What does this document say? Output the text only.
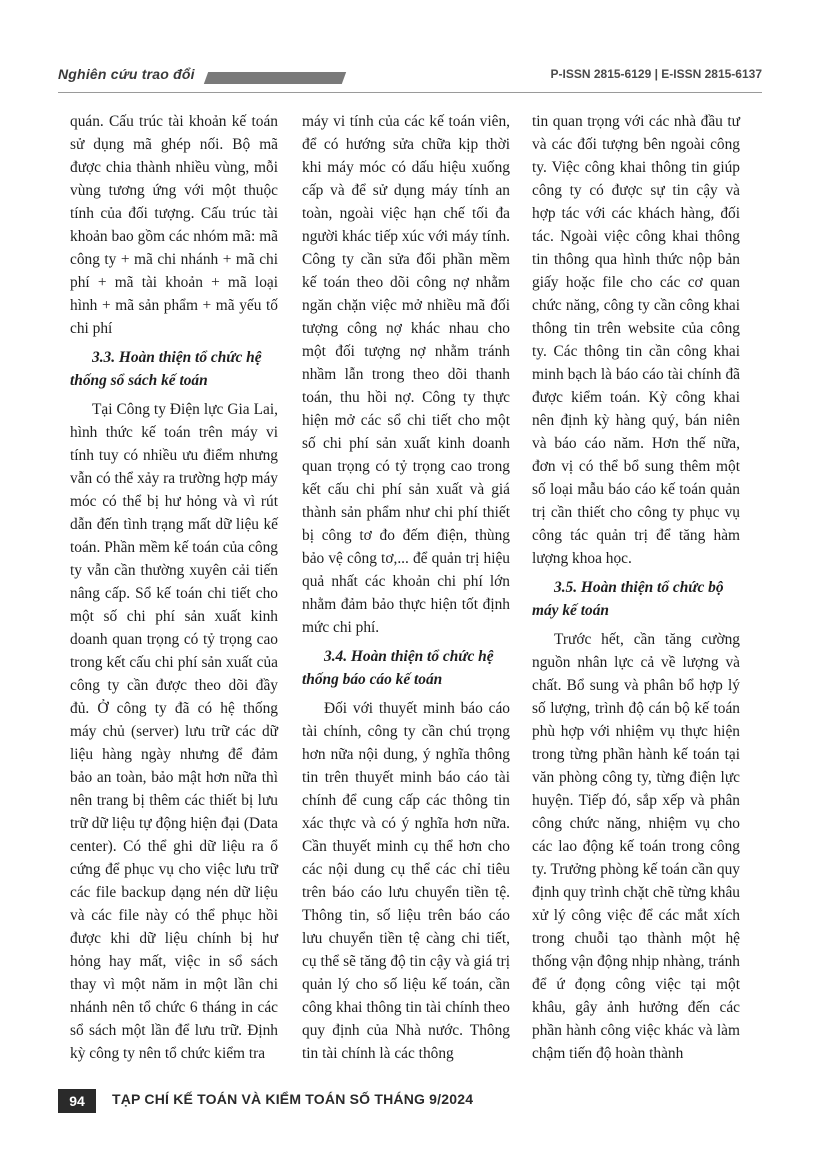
Nghiên cứu trao đổi	P-ISSN 2815-6129 | E-ISSN 2815-6137

quán. Cấu trúc tài khoản kế toán sử dụng mã ghép nối. Bộ mã được chia thành nhiều vùng, mỗi vùng tương ứng với một thuộc tính của đối tượng. Cấu trúc tài khoản bao gồm các nhóm mã: mã công ty + mã chi nhánh + mã chi phí + mã tài khoản + mã loại hình + mã sản phẩm + mã yếu tố chi phí

3.3. Hoàn thiện tổ chức hệ thống sổ sách kế toán

Tại Công ty Điện lực Gia Lai, hình thức kế toán trên máy vi tính tuy có nhiều ưu điểm nhưng vẫn có thể xảy ra trường hợp máy móc có thể bị hư hỏng và vì rút dẫn đến tình trạng mất dữ liệu kế toán. Phần mềm kế toán của công ty vẫn cần thường xuyên cải tiến nâng cấp. Sổ kế toán chi tiết cho một số chi phí sản xuất kinh doanh quan trọng có tỷ trọng cao trong kết cấu chi phí sản xuất của công ty cần được theo dõi đầy đủ. Ở công ty đã có hệ thống máy chủ (server) lưu trữ các dữ liệu hàng ngày nhưng để đảm bảo an toàn, bảo mật hơn nữa thì nên trang bị thêm các thiết bị lưu trữ dữ liệu tự động hiện đại (Data center). Có thể ghi dữ liệu ra ổ cứng để phục vụ cho việc lưu trữ các file backup dạng nén dữ liệu và các file này có thể phục hồi được khi dữ liệu chính bị hư hỏng hay mất, việc in sổ sách thay vì một năm in một lần chi nhánh nên tổ chức 6 tháng in các sổ sách một lần để lưu trữ. Định kỳ công ty nên tổ chức kiểm tra

máy vi tính của các kế toán viên, để có hướng sửa chữa kịp thời khi máy móc có dấu hiệu xuống cấp và để sử dụng máy tính an toàn, ngoài việc hạn chế tối đa người khác tiếp xúc với máy tính. Công ty cần sửa đổi phần mềm kế toán theo dõi công nợ nhằm ngăn chặn việc mở nhiều mã đối tượng công nợ khác nhau cho một đối tượng nợ nhằm tránh nhầm lẫn trong theo dõi thanh toán, thu hồi nợ. Công ty thực hiện mở các sổ chi tiết cho một số chi phí sản xuất kinh doanh quan trọng có tỷ trọng cao trong kết cấu chi phí sản xuất và giá thành sản phẩm như chi phí thiết bị công tơ đo đếm điện, thùng bảo vệ công tơ,... để quản trị hiệu quả nhất các khoản chi phí lớn nhằm đảm bảo thực hiện tốt định mức chi phí.

3.4. Hoàn thiện tổ chức hệ thống báo cáo kế toán

Đối với thuyết minh báo cáo tài chính, công ty cần chú trọng hơn nữa nội dung, ý nghĩa thông tin trên thuyết minh báo cáo tài chính để cung cấp các thông tin xác thực và có ý nghĩa hơn nữa. Cần thuyết minh cụ thể hơn cho các nội dung cụ thể các chỉ tiêu trên báo cáo lưu chuyển tiền tệ. Thông tin, số liệu trên báo cáo lưu chuyển tiền tệ càng chi tiết, cụ thể sẽ tăng độ tin cậy và giá trị quản lý cho số liệu kế toán, cần công khai thông tin tài chính theo quy định của Nhà nước. Thông tin tài chính là các thông

tin quan trọng với các nhà đầu tư và các đối tượng bên ngoài công ty. Việc công khai thông tin giúp công ty có được sự tin cậy và hợp tác với các khách hàng, đối tác. Ngoài việc công khai thông tin thông qua hình thức nộp bản giấy hoặc file cho các cơ quan chức năng, công ty cần công khai thông tin trên website của công ty. Các thông tin cần công khai minh bạch là báo cáo tài chính đã được kiểm toán. Kỳ công khai nên định kỳ hàng quý, bán niên và báo cáo năm. Hơn thế nữa, đơn vị có thể bổ sung thêm một số loại mẫu báo cáo kế toán quản trị cần thiết cho công ty phục vụ công tác quản trị để tăng hàm lượng khoa học.

3.5. Hoàn thiện tổ chức bộ máy kế toán

Trước hết, cần tăng cường nguồn nhân lực cả về lượng và chất. Bổ sung và phân bổ hợp lý số lượng, trình độ cán bộ kế toán phù hợp với nhiệm vụ thực hiện trong từng phần hành kế toán tại văn phòng công ty, từng điện lực huyện. Tiếp đó, sắp xếp và phân công chức năng, nhiệm vụ cho các lao động kế toán trong công ty. Trưởng phòng kế toán cần quy định quy trình chặt chẽ từng khâu xử lý công việc để các mắt xích trong chuỗi tạo thành một hệ thống vận động nhịp nhàng, tránh để ứ đọng công việc tại một khâu, gây ảnh hưởng đến các phần hành công việc khác và làm chậm tiến độ hoàn thành

94	TẠP CHÍ KẾ TOÁN VÀ KIỂM TOÁN SỐ THÁNG 9/2024
